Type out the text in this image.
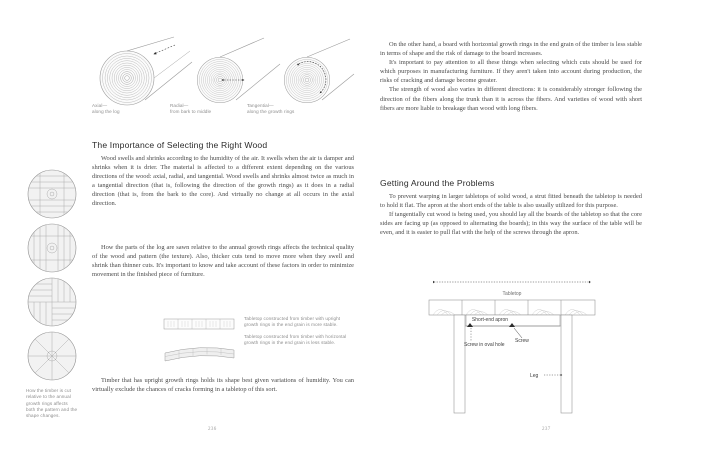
Axial—
along the log
Radial—
from bark to middle
Tangential—
along the growth rings
The Importance of Selecting the Right Wood

Wood swells and shrinks according to the humidity of the air. It swells when the air is damper and shrinks when it is drier. The material is affected to a different extent depending on the various directions of the wood: axial, radial, and tangential. Wood swells and shrinks almost twice as much in a tangential direction (that is, following the direction of the growth rings) as it does in a radial direction (that is, from the bark to the core). And virtually no change at all occurs in the axial direction.

How the parts of the log are sawn relative to the annual growth rings affects the technical quality of the wood and pattern (the texture). Also, thicker cuts tend to move more when they swell and shrink than thinner cuts. It's important to know and take account of these factors in order to minimize movement in the finished piece of furniture.

Timber that has upright growth rings holds its shape best given variations of humidity. You can virtually exclude the chances of cracks forming in a tabletop of this sort.

How the timber is cut relative to the annual growth rings affects both the pattern and the shape changes.
Tabletop constructed from timber with upright growth rings in the end grain is more stable.
Tabletop constructed from timber with horizontal growth rings in the end grain is less stable.
236

On the other hand, a board with horizontal growth rings in the end grain of the timber is less stable in terms of shape and the risk of damage to the board increases.

It's important to pay attention to all these things when selecting which cuts should be used for which purposes in manufacturing furniture. If they aren't taken into account during production, the risks of cracking and damage become greater.

The strength of wood also varies in different directions: it is considerably stronger following the direction of the fibers along the trunk than it is across the fibers. And varieties of wood with short fibers are more liable to breakage than wood with long fibers.

Getting Around the Problems

To prevent warping in larger tabletops of solid wood, a strut fitted beneath the tabletop is needed to hold it flat. The apron at the short ends of the table is also usually utilized for this purpose.

If tangentially cut wood is being used, you should lay all the boards of the tabletop so that the core sides are facing up (as opposed to alternating the boards); in this way the surface of the table will be even, and it is easier to pull flat with the help of the screws through the apron.

Tabletop
Short-end apron
Screw in oval hole
Screw
Leg
237
